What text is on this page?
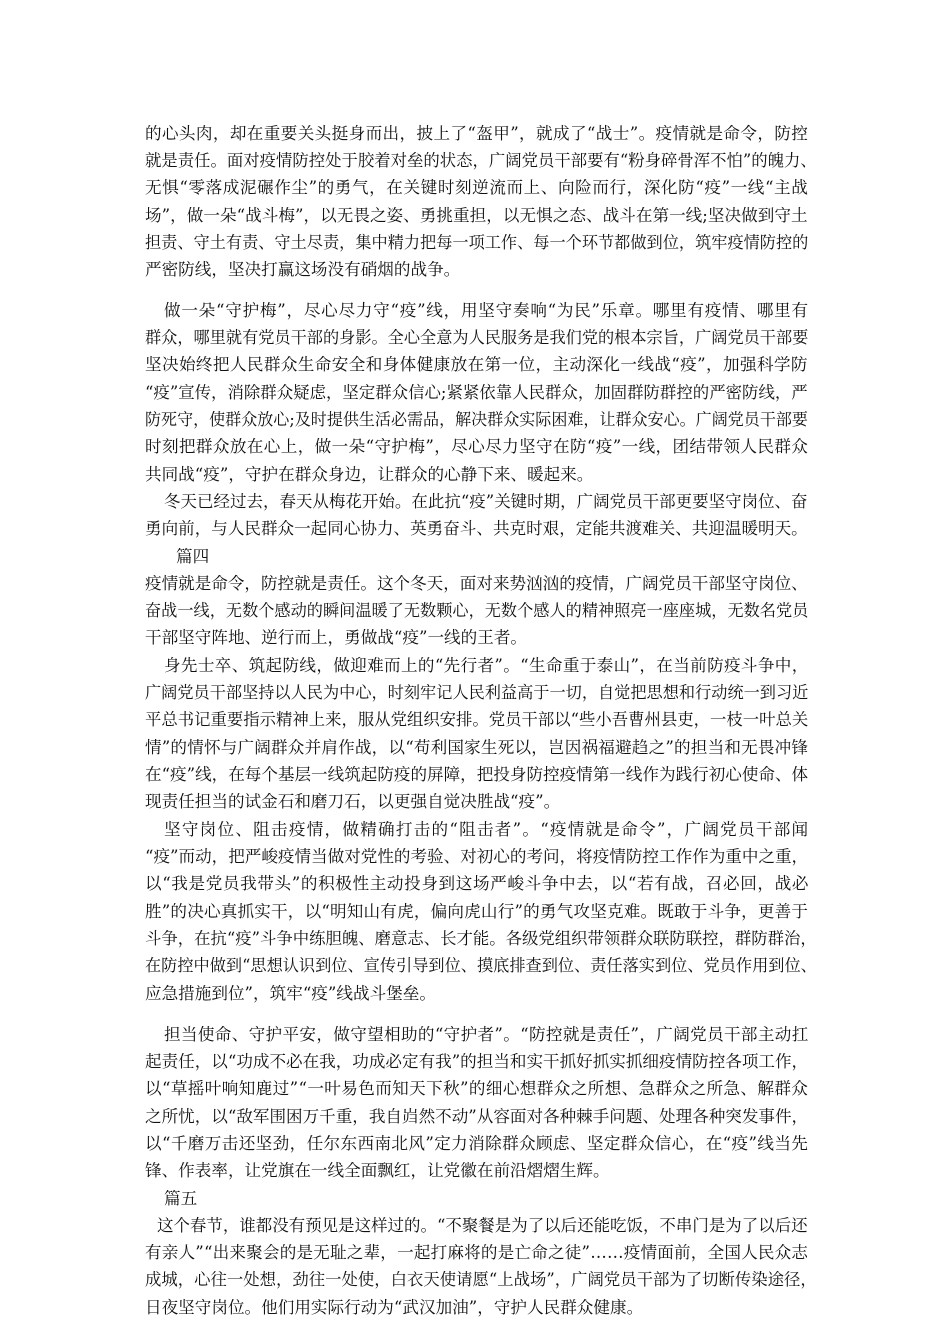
的心头肉，却在重要关头挺身而出，披上了“盔甲”，就成了“战士”。疫情就是命令，防控
就是责任。面对疫情防控处于胶着对垒的状态，广阔党员干部要有“粉身碎骨浑不怕”的魄力、
无惧“零落成泥碾作尘”的勇气，在关键时刻逆流而上、向险而行，深化防“疫”一线“主战
场”，做一朵“战斗梅”，以无畏之姿、勇挑重担，以无惧之态、战斗在第一线;坚决做到守土
担责、守土有责、守土尽责，集中精力把每一项工作、每一个环节都做到位，筑牢疫情防控的
严密防线，坚决打赢这场没有硝烟的战争。
做一朵“守护梅”，尽心尽力守“疫”线，用坚守奏响“为民”乐章。哪里有疫情、哪里有
群众，哪里就有党员干部的身影。全心全意为人民服务是我们党的根本宗旨，广阔党员干部要
坚决始终把人民群众生命安全和身体健康放在第一位，主动深化一线战“疫”，加强科学防
“疫”宣传，消除群众疑虑，坚定群众信心;紧紧依靠人民群众，加固群防群控的严密防线，严
防死守，使群众放心;及时提供生活必需品，解决群众实际困难，让群众安心。广阔党员干部要
时刻把群众放在心上，做一朵“守护梅”，尽心尽力坚守在防“疫”一线，团结带领人民群众
共同战“疫”，守护在群众身边，让群众的心静下来、暖起来。
冬天已经过去，春天从梅花开始。在此抗“疫”关键时期，广阔党员干部更要坚守岗位、奋
勇向前，与人民群众一起同心协力、英勇奋斗、共克时艰，定能共渡难关、共迎温暖明天。
篇四
疫情就是命令，防控就是责任。这个冬天，面对来势汹汹的疫情，广阔党员干部坚守岗位、
奋战一线，无数个感动的瞬间温暖了无数颗心，无数个感人的精神照亮一座座城，无数名党员
干部坚守阵地、逆行而上，勇做战“疫”一线的王者。
身先士卒、筑起防线，做迎难而上的“先行者”。“生命重于泰山”，在当前防疫斗争中，
广阔党员干部坚持以人民为中心，时刻牢记人民利益高于一切，自觉把思想和行动统一到习近
平总书记重要指示精神上来，服从党组织安排。党员干部以“些小吾曹州县吏，一枝一叶总关
情”的情怀与广阔群众并肩作战，以“苟利国家生死以，岂因祸福避趋之”的担当和无畏冲锋
在“疫”线，在每个基层一线筑起防疫的屏障，把投身防控疫情第一线作为践行初心使命、体
现责任担当的试金石和磨刀石，以更强自觉决胜战“疫”。
坚守岗位、阻击疫情，做精确打击的“阻击者”。“疫情就是命令”，广阔党员干部闻
“疫”而动，把严峻疫情当做对党性的考验、对初心的考问，将疫情防控工作作为重中之重，
以“我是党员我带头”的积极性主动投身到这场严峻斗争中去，以“若有战，召必回，战必
胜”的决心真抓实干，以“明知山有虎，偏向虎山行”的勇气攻坚克难。既敢于斗争，更善于
斗争，在抗“疫”斗争中练胆魄、磨意志、长才能。各级党组织带领群众联防联控，群防群治，
在防控中做到“思想认识到位、宣传引导到位、摸底排查到位、责任落实到位、党员作用到位、
应急措施到位”，筑牢“疫”线战斗堡垒。
担当使命、守护平安，做守望相助的“守护者”。“防控就是责任”，广阔党员干部主动扛
起责任，以“功成不必在我，功成必定有我”的担当和实干抓好抓实抓细疫情防控各项工作，
以“草摇叶响知鹿过”“一叶易色而知天下秋”的细心想群众之所想、急群众之所急、解群众
之所忧，以“敌军围困万千重，我自岿然不动”从容面对各种棘手问题、处理各种突发事件，
以“千磨万击还坚劲，任尔东西南北风”定力消除群众顾虑、坚定群众信心，在“疫”线当先
锋、作表率，让党旗在一线全面飘红，让党徽在前沿熠熠生辉。
篇五
这个春节，谁都没有预见是这样过的。“不聚餐是为了以后还能吃饭，不串门是为了以后还
有亲人”“出来聚会的是无耻之辈，一起打麻将的是亡命之徒”……疫情面前，全国人民众志
成城，心往一处想，劲往一处使，白衣天使请愿“上战场”，广阔党员干部为了切断传染途径，
日夜坚守岗位。他们用实际行动为“武汉加油”，守护人民群众健康。
